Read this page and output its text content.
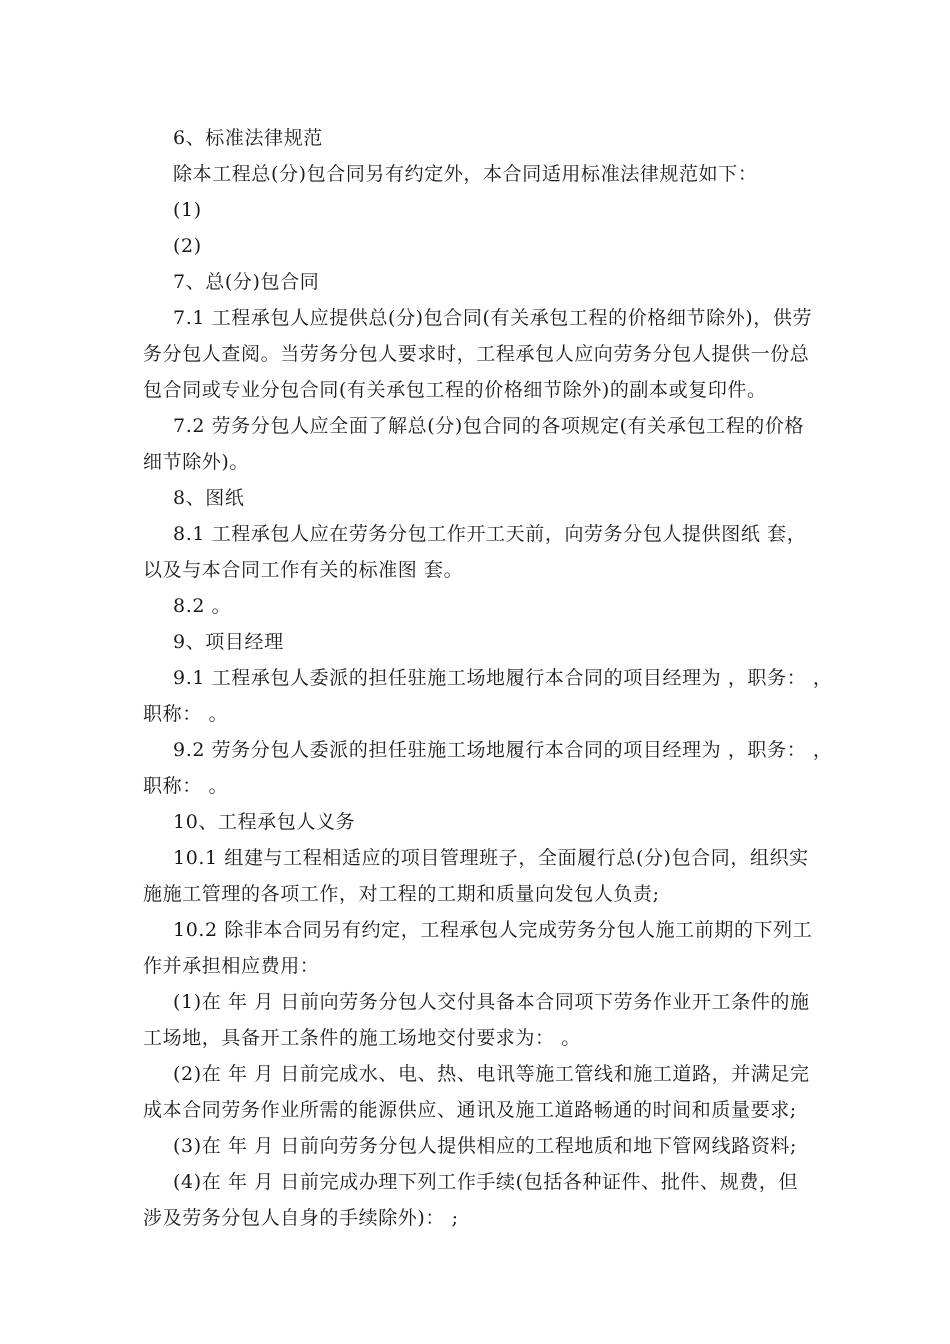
6、标准法律规范
除本工程总(分)包合同另有约定外，本合同适用标准法律规范如下：
(1)
(2)
7、总(分)包合同
7.1 工程承包人应提供总(分)包合同(有关承包工程的价格细节除外)，供劳
务分包人查阅。当劳务分包人要求时，工程承包人应向劳务分包人提供一份总
包合同或专业分包合同(有关承包工程的价格细节除外)的副本或复印件。
7.2 劳务分包人应全面了解总(分)包合同的各项规定(有关承包工程的价格
细节除外)。
8、图纸
8.1 工程承包人应在劳务分包工作开工天前，向劳务分包人提供图纸 套，
以及与本合同工作有关的标准图 套。
8.2 。
9、项目经理
9.1 工程承包人委派的担任驻施工场地履行本合同的项目经理为 ，职务： ，
职称： 。
9.2 劳务分包人委派的担任驻施工场地履行本合同的项目经理为 ，职务： ，
职称： 。
10、工程承包人义务
10.1 组建与工程相适应的项目管理班子，全面履行总(分)包合同，组织实
施施工管理的各项工作，对工程的工期和质量向发包人负责;
10.2 除非本合同另有约定，工程承包人完成劳务分包人施工前期的下列工
作并承担相应费用：
(1)在 年 月 日前向劳务分包人交付具备本合同项下劳务作业开工条件的施
工场地，具备开工条件的施工场地交付要求为： 。
(2)在 年 月 日前完成水、电、热、电讯等施工管线和施工道路，并满足完
成本合同劳务作业所需的能源供应、通讯及施工道路畅通的时间和质量要求;
(3)在 年 月 日前向劳务分包人提供相应的工程地质和地下管网线路资料;
(4)在 年 月 日前完成办理下列工作手续(包括各种证件、批件、规费，但
涉及劳务分包人自身的手续除外)： ;
